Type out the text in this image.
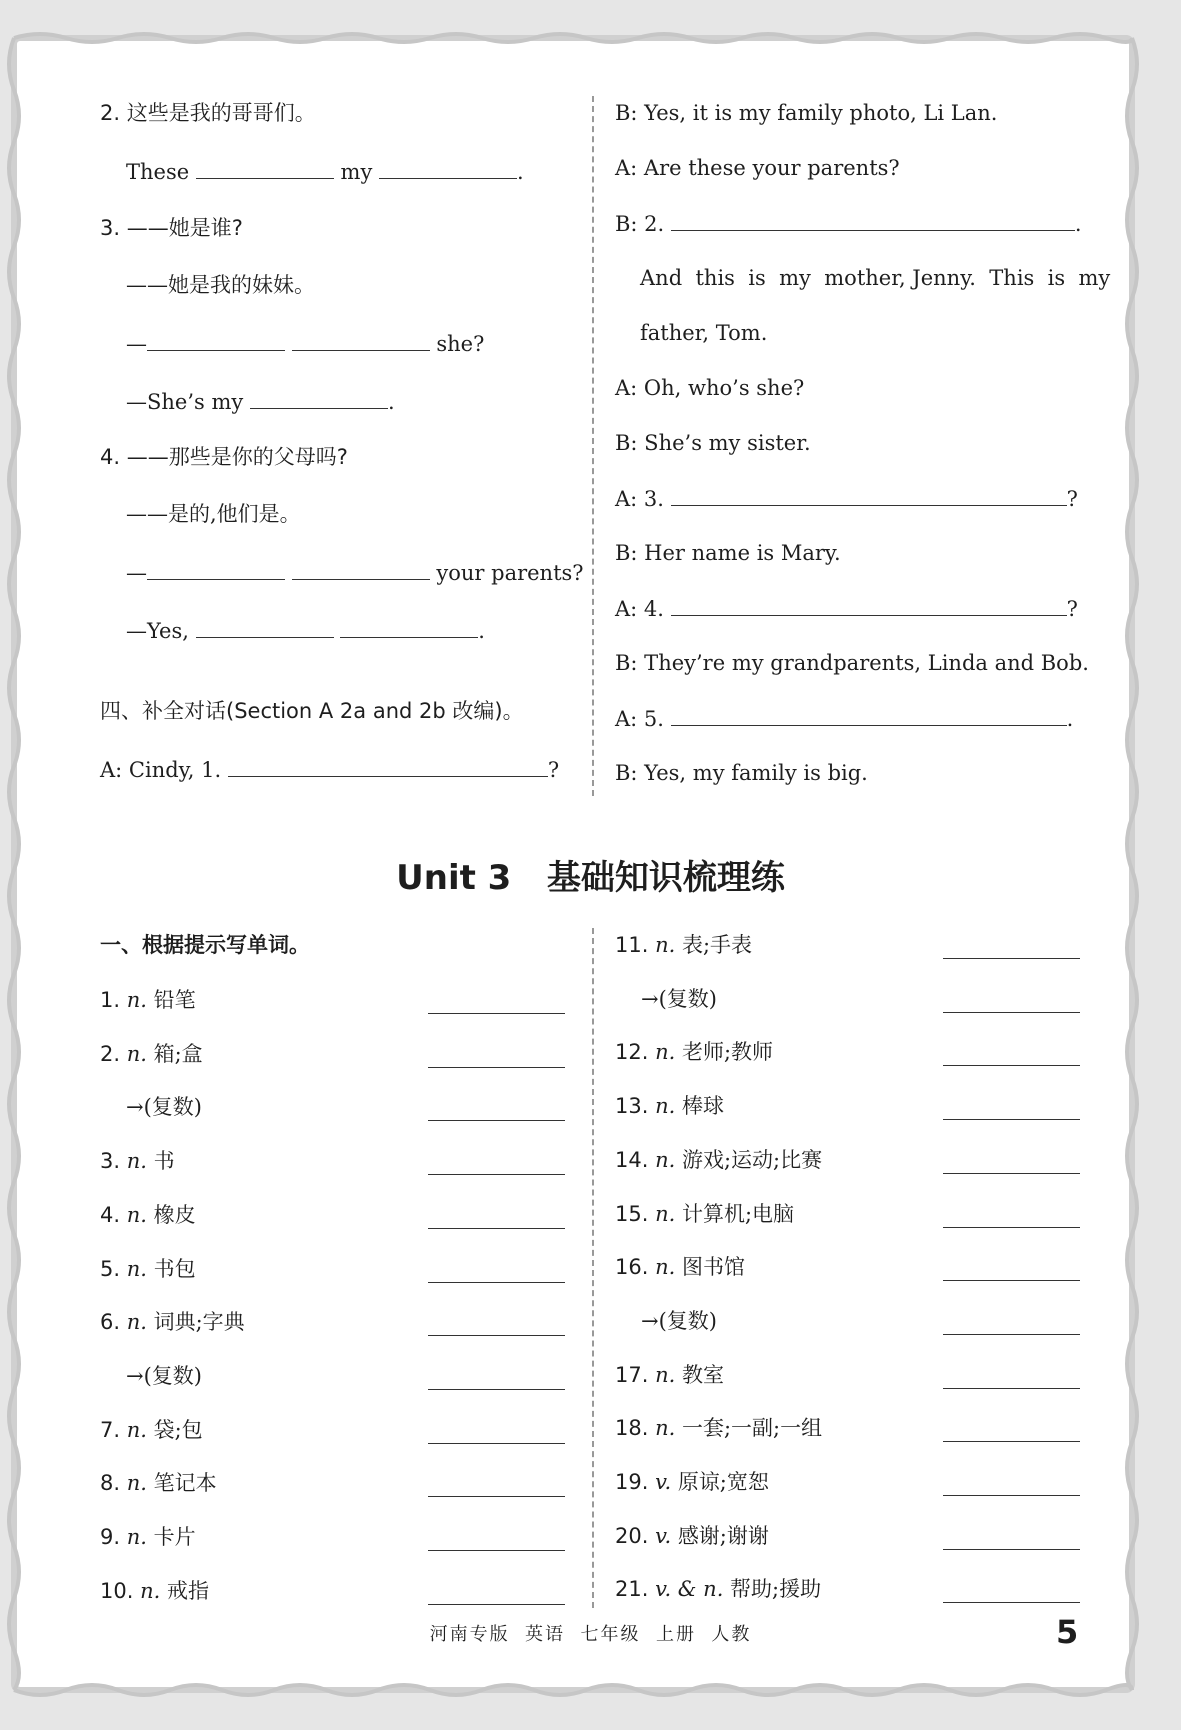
2. 这些是我的哥哥们。
These	my	.
3. ——她是谁?
——她是我的妹妹。
—	she?
—She’s my	.
4. ——那些是你的父母吗?
——是的,他们是。
—	your parents?
—Yes,	.
四、补全对话(Section A 2a and 2b 改编)。
A: Cindy, 1.	?
B: Yes, it is my family photo, Li Lan.
A: Are these your parents?
B: 2.	.
And  this  is  my  mother, Jenny.  This  is  my
father, Tom.
A: Oh, who’s she?
B: She’s my sister.
A: 3.	?
B: Her name is Mary.
A: 4.	?
B: They’re my grandparents, Linda and Bob.
A: 5.	.
B: Yes, my family is big.
Unit 3   基础知识梳理练
一、根据提示写单词。
1. n. 铅笔
2. n. 箱;盒
→(复数)
3. n. 书
4. n. 橡皮
5. n. 书包
6. n. 词典;字典
→(复数)
7. n. 袋;包
8. n. 笔记本
9. n. 卡片
10. n. 戒指
11. n. 表;手表
→(复数)
12. n. 老师;教师
13. n. 棒球
14. n. 游戏;运动;比赛
15. n. 计算机;电脑
16. n. 图书馆
→(复数)
17. n. 教室
18. n. 一套;一副;一组
19. v. 原谅;宽恕
20. v. 感谢;谢谢
21. v. & n. 帮助;援助
河南专版  英语  七年级  上册  人教	5
